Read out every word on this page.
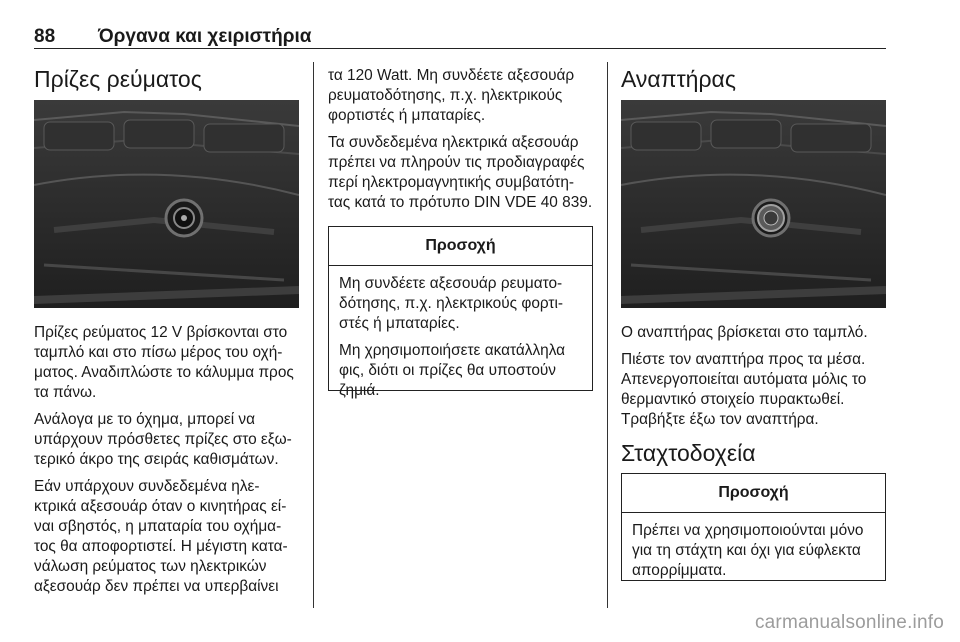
88 Όργανα και χειριστήρια
Πρίζες ρεύματος

Πρίζες ρεύματος 12 V βρίσκονται στο ταμπλό και στο πίσω μέρος του οχή- ματος. Αναδιπλώστε το κάλυμμα προς τα πάνω.

Ανάλογα με το όχημα, μπορεί να υπάρχουν πρόσθετες πρίζες στο εξω- τερικό άκρο της σειράς καθισμάτων.

Εάν υπάρχουν συνδεδεμένα ηλε- κτρικά αξεσουάρ όταν ο κινητήρας εί- ναι σβηστός, η μπαταρία του οχήμα- τος θα αποφορτιστεί. Η μέγιστη κατα- νάλωση ρεύματος των ηλεκτρικών αξεσουάρ δεν πρέπει να υπερβαίνει

τα 120 Watt. Μη συνδέετε αξεσουάρ ρευματοδότησης, π.χ. ηλεκτρικούς φορτιστές ή μπαταρίες.

Τα συνδεδεμένα ηλεκτρικά αξεσουάρ πρέπει να πληρούν τις προδιαγραφές περί ηλεκτρομαγνητικής συμβατότη- τας κατά το πρότυπο DIN VDE 40 839.

Προσοχή

Μη συνδέετε αξεσουάρ ρευματο- δότησης, π.χ. ηλεκτρικούς φορτι- στές ή μπαταρίες.

Μη χρησιμοποιήσετε ακατάλληλα φις, διότι οι πρίζες θα υποστούν ζημιά.

Αναπτήρας

Ο αναπτήρας βρίσκεται στο ταμπλό.

Πιέστε τον αναπτήρα προς τα μέσα. Απενεργοποιείται αυτόματα μόλις το θερμαντικό στοιχείο πυρακτωθεί. Τραβήξτε έξω τον αναπτήρα.

Σταχτοδοχεία
Προσοχή

Πρέπει να χρησιμοποιούνται μόνο για τη στάχτη και όχι για εύφλεκτα απορρίμματα.

carmanualsonline.info
